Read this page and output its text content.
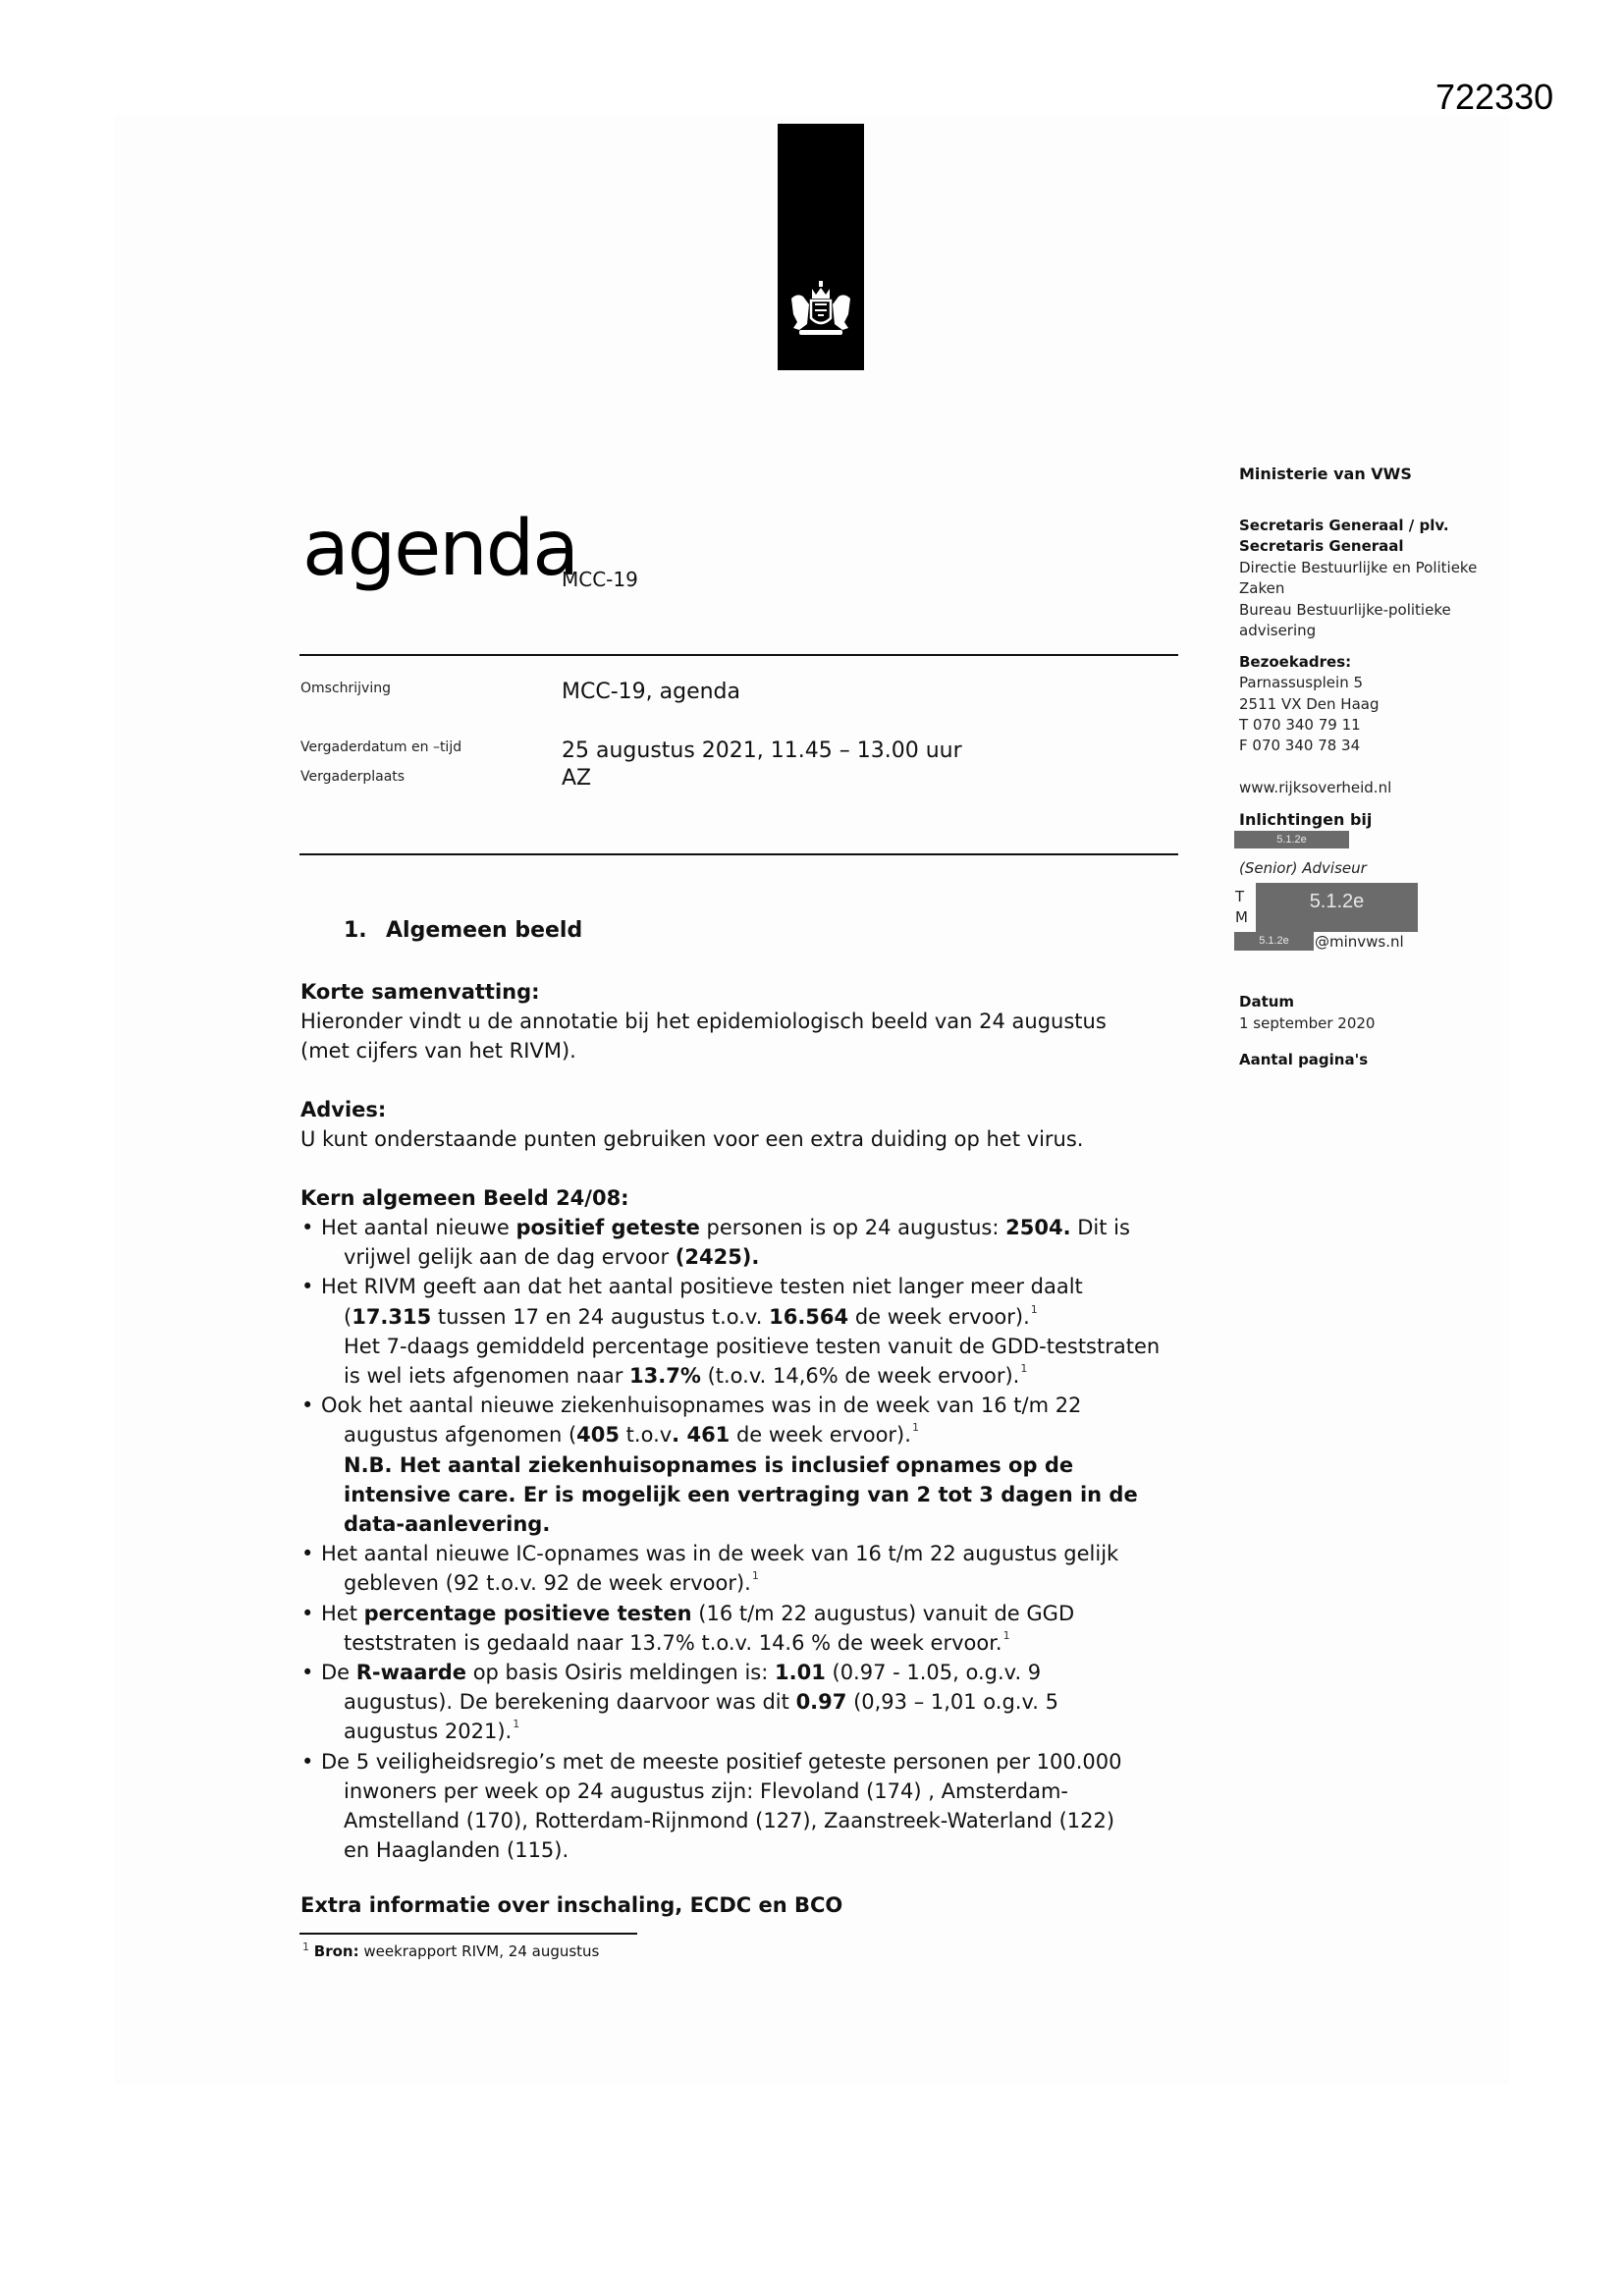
722330
agenda
MCC-19
Omschrijving	MCC-19, agenda
Vergaderdatum en –tijd	25 augustus 2021, 11.45 – 13.00 uur
Vergaderplaats	AZ
Ministerie van VWS
Secretaris Generaal / plv.
Secretaris Generaal
Directie Bestuurlijke en Politieke
Zaken
Bureau Bestuurlijke-politieke
advisering
Bezoekadres:
Parnassusplein 5
2511 VX Den Haag
T 070 340 79 11
F 070 340 78 34
www.rijksoverheid.nl
Inlichtingen bij
5.1.2e
(Senior) Adviseur
T
M
5.1.2e
5.1.2e	@minvws.nl
Datum
1 september 2020
Aantal pagina's
1. Algemeen beeld
Korte samenvatting:
Hieronder vindt u de annotatie bij het epidemiologisch beeld van 24 augustus
(met cijfers van het RIVM).
Advies:
U kunt onderstaande punten gebruiken voor een extra duiding op het virus.
Kern algemeen Beeld 24/08:
• Het aantal nieuwe positief geteste personen is op 24 augustus: 2504. Dit is
vrijwel gelijk aan de dag ervoor (2425).
• Het RIVM geeft aan dat het aantal positieve testen niet langer meer daalt
(17.315 tussen 17 en 24 augustus t.o.v. 16.564 de week ervoor).$^1$
Het 7-daags gemiddeld percentage positieve testen vanuit de GDD-teststraten
is wel iets afgenomen naar 13.7% (t.o.v. 14,6% de week ervoor).$^1$
• Ook het aantal nieuwe ziekenhuisopnames was in de week van 16 t/m 22
augustus afgenomen (405 t.o.v. 461 de week ervoor).$^1$
N.B. Het aantal ziekenhuisopnames is inclusief opnames op de
intensive care. Er is mogelijk een vertraging van 2 tot 3 dagen in de
data-aanlevering.
• Het aantal nieuwe IC-opnames was in de week van 16 t/m 22 augustus gelijk
gebleven (92 t.o.v. 92 de week ervoor).$^1$
• Het percentage positieve testen (16 t/m 22 augustus) vanuit de GGD
teststraten is gedaald naar 13.7% t.o.v. 14.6 % de week ervoor.$^1$
• De R-waarde op basis Osiris meldingen is: 1.01 (0.97 - 1.05, o.g.v. 9
augustus). De berekening daarvoor was dit 0.97 (0,93 – 1,01 o.g.v. 5
augustus 2021).$^1$
• De 5 veiligheidsregio’s met de meeste positief geteste personen per 100.000
inwoners per week op 24 augustus zijn: Flevoland (174) , Amsterdam-
Amstelland (170), Rotterdam-Rijnmond (127), Zaanstreek-Waterland (122)
en Haaglanden (115).
Extra informatie over inschaling, ECDC en BCO
$^1$ Bron: weekrapport RIVM, 24 augustus
